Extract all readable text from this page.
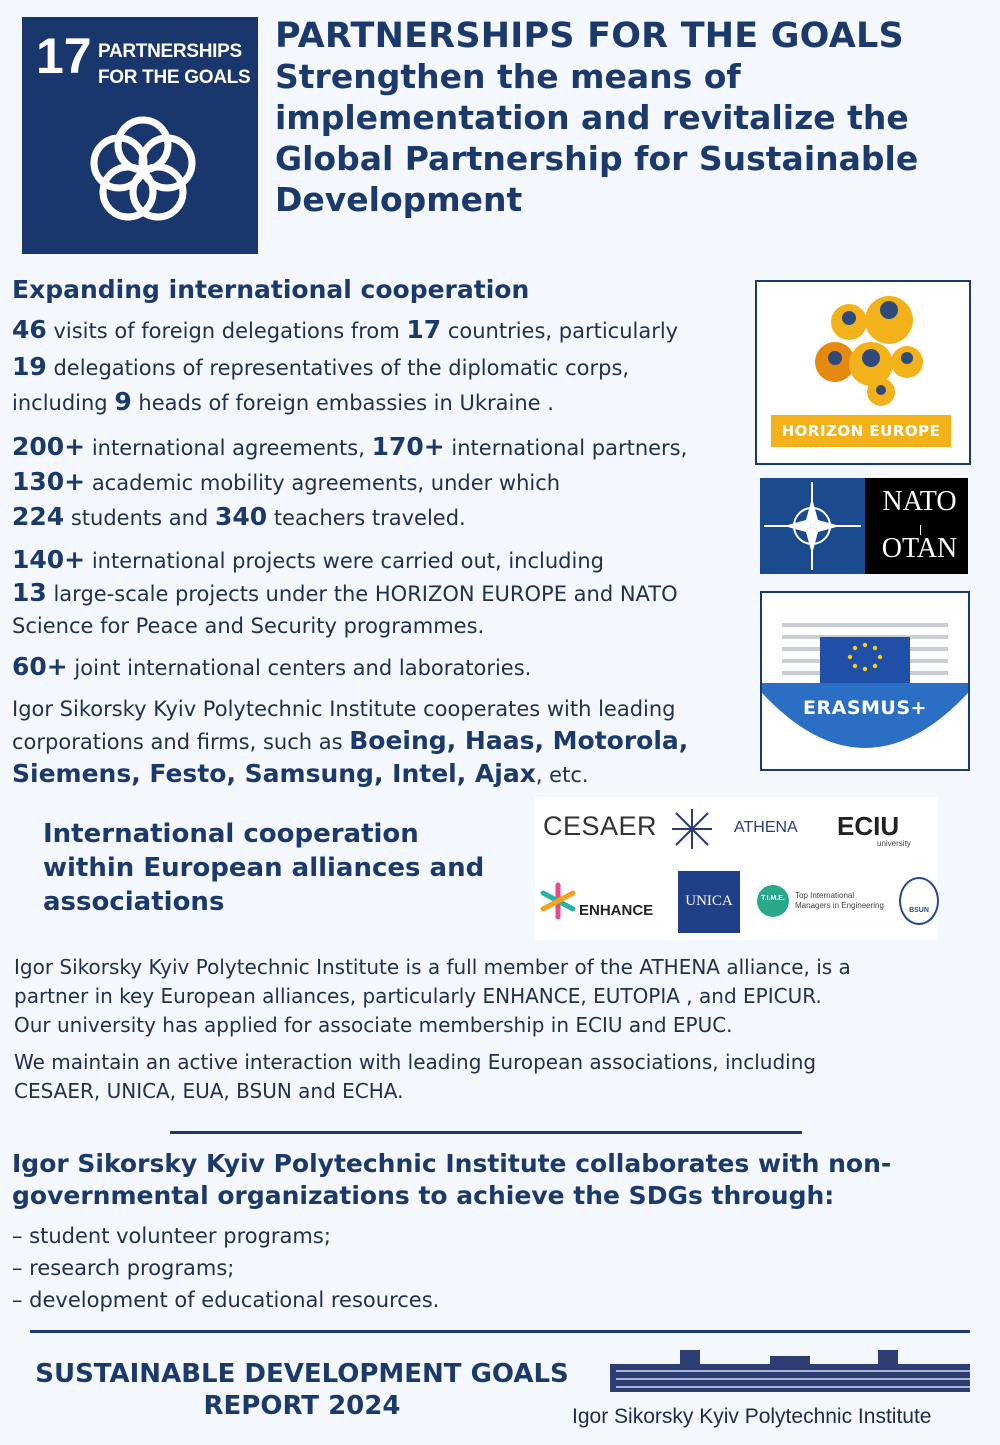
17 PARTNERSHIPS
FOR THE GOALS
PARTNERSHIPS FOR THE GOALS
Strengthen the means of
implementation and revitalize the
Global Partnership for Sustainable
Development
Expanding international cooperation
46 visits of foreign delegations from 17 countries, particularly
19 delegations of representatives of the diplomatic corps,
including 9 heads of foreign embassies in Ukraine .
200+ international agreements, 170+ international partners,
130+ academic mobility agreements, under which
224 students and 340 teachers traveled.
140+ international projects were carried out, including
13 large-scale projects under the HORIZON EUROPE and NATO
Science for Peace and Security programmes.
60+ joint international centers and laboratories.
Igor Sikorsky Kyiv Polytechnic Institute cooperates with leading
corporations and firms, such as Boeing, Haas, Motorola,
Siemens, Festo, Samsung, Intel, Ajax, etc.
HORIZON EUROPE
NATO
OTAN
ERASMUS+
International cooperation
within European alliances and
associations
CESAER	ATHENA ECIU
university
ENHANCE
UNICA	T.I.M.E.	Top International
Managers in Engineering
BSUN
Igor Sikorsky Kyiv Polytechnic Institute is a full member of the ATHENA alliance, is a
partner in key European alliances, particularly ENHANCE, EUTOPIA , and EPICUR.
Our university has applied for associate membership in ECIU and EPUC.
We maintain an active interaction with leading European associations, including
CESAER, UNICA, EUA, BSUN and ECHA.
Igor Sikorsky Kyiv Polytechnic Institute collaborates with non-
governmental organizations to achieve the SDGs through:
– student volunteer programs;
– research programs;
– development of educational resources.
SUSTAINABLE DEVELOPMENT GOALS
REPORT 2024	Igor Sikorsky Kyiv Polytechnic Institute
